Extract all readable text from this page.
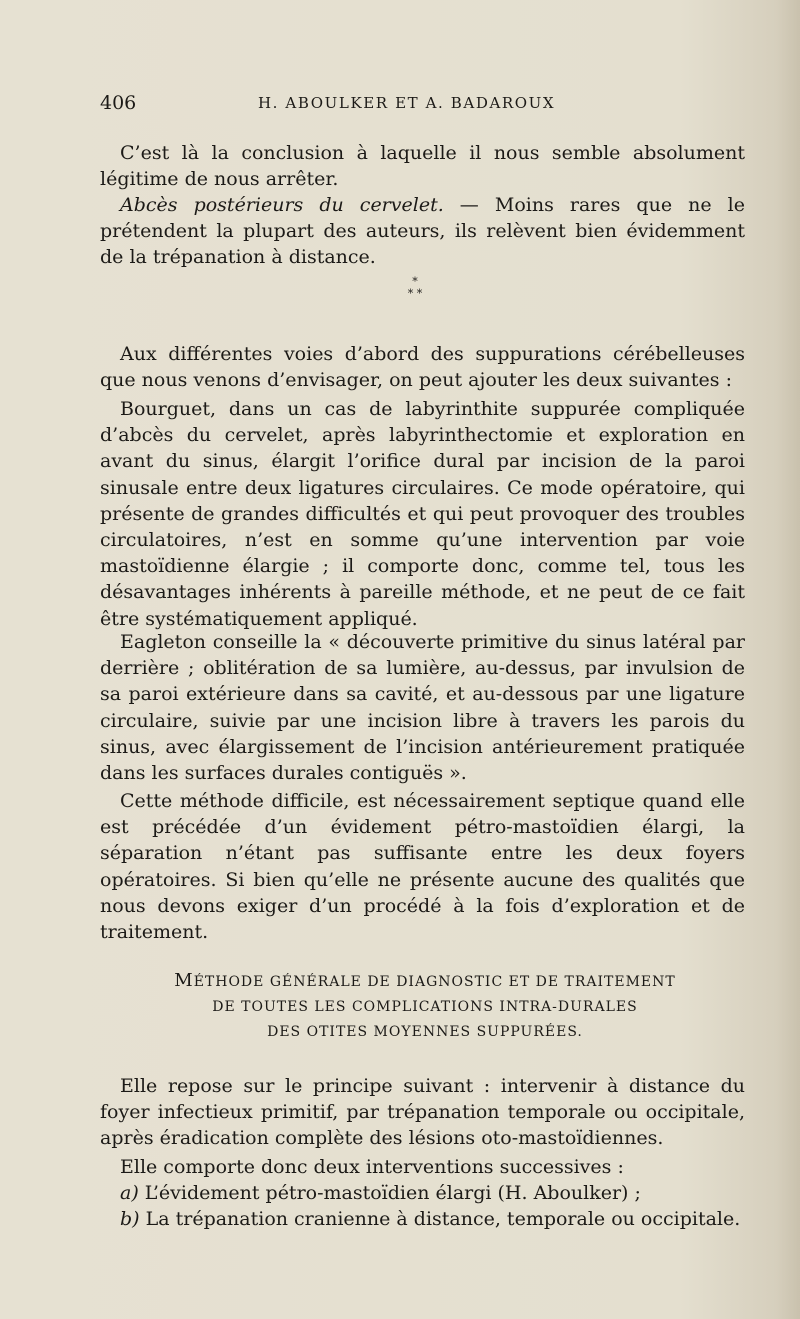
406	H. ABOULKER ET A. BADAROUX

C’est là la conclusion à laquelle il nous semble absolument légitime de nous arrêter.

Abcès postérieurs du cervelet. — Moins rares que ne le prétendent la plupart des auteurs, ils relèvent bien évidemment de la trépanation à distance.

*
* *

Aux différentes voies d’abord des suppurations cérébelleuses que nous venons d’envisager, on peut ajouter les deux suivantes :

Bourguet, dans un cas de labyrinthite suppurée compliquée d’abcès du cervelet, après labyrinthectomie et exploration en avant du sinus, élargit l’orifice dural par incision de la paroi sinusale entre deux ligatures circulaires. Ce mode opératoire, qui présente de grandes difficultés et qui peut provoquer des troubles circulatoires, n’est en somme qu’une intervention par voie mastoïdienne élargie ; il comporte donc, comme tel, tous les désavantages inhérents à pareille méthode, et ne peut de ce fait être systématiquement appliqué.

Eagleton conseille la « découverte primitive du sinus latéral par derrière ; oblitération de sa lumière, au-dessus, par invulsion de sa paroi extérieure dans sa cavité, et au-dessous par une ligature circulaire, suivie par une incision libre à travers les parois du sinus, avec élargissement de l’incision antérieurement pratiquée dans les surfaces durales contiguës ».

Cette méthode difficile, est nécessairement septique quand elle est précédée d’un évidement pétro-mastoïdien élargi, la séparation n’étant pas suffisante entre les deux foyers opératoires. Si bien qu’elle ne présente aucune des qualités que nous devons exiger d’un procédé à la fois d’exploration et de traitement.

MÉTHODE GÉNÉRALE DE DIAGNOSTIC ET DE TRAITEMENT
DE TOUTES LES COMPLICATIONS INTRA-DURALES
DES OTITES MOYENNES SUPPURÉES.

Elle repose sur le principe suivant : intervenir à distance du foyer infectieux primitif, par trépanation temporale ou occipitale, après éradication complète des lésions oto-mastoïdiennes.

Elle comporte donc deux interventions successives :

a) L’évidement pétro-mastoïdien élargi (H. Aboulker) ;

b) La trépanation cranienne à distance, temporale ou occipitale.
